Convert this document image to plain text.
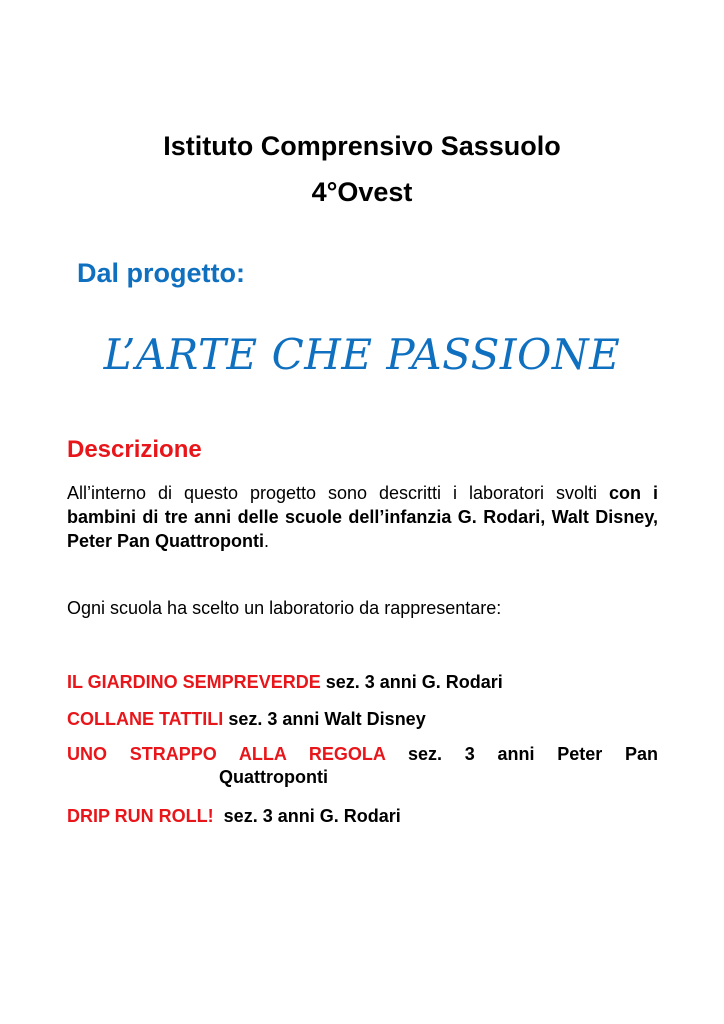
Istituto Comprensivo Sassuolo
4°Ovest
Dal progetto:
L’ARTE CHE PASSIONE
Descrizione
All’interno di questo progetto sono descritti i laboratori svolti con i bambini di tre anni delle scuole dell’infanzia G. Rodari, Walt Disney, Peter Pan Quattroponti.
Ogni scuola ha scelto un laboratorio da rappresentare:
IL GIARDINO SEMPREVERDE sez. 3 anni G. Rodari
COLLANE TATTILI sez. 3 anni Walt Disney
UNO STRAPPO ALLA REGOLA sez. 3 anni Peter Pan
Quattroponti
DRIP RUN ROLL!  sez. 3 anni G. Rodari
